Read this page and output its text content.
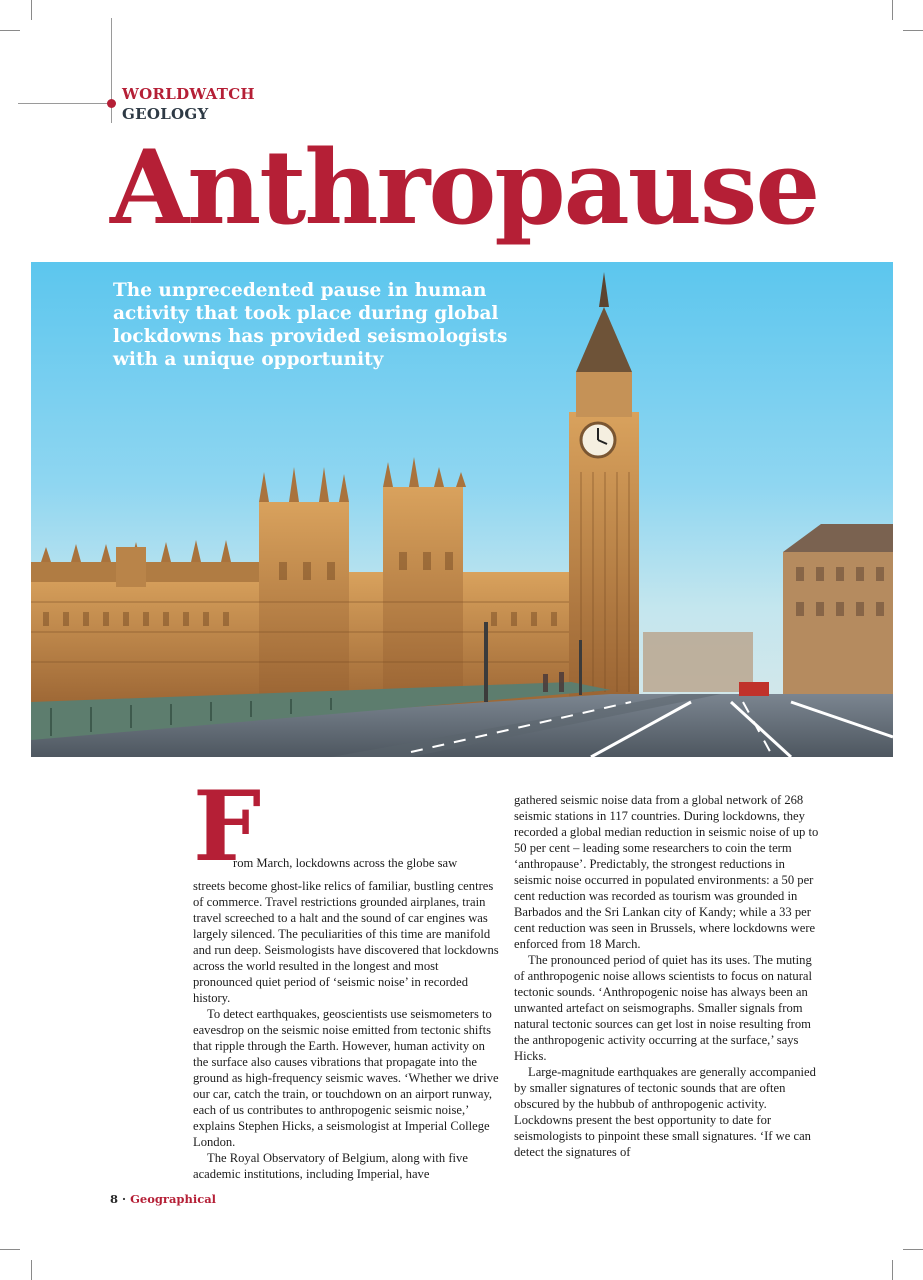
WORLDWATCH
GEOLOGY
Anthropause

The unprecedented pause in human activity that took place during global lockdowns has provided seismologists with a unique opportunity

F
rom March, lockdowns across the globe saw

streets become ghost-like relics of familiar, bustling centres of commerce. Travel restrictions grounded airplanes, train travel screeched to a halt and the sound of car engines was largely silenced. The peculiarities of this time are manifold and run deep. Seismologists have discovered that lockdowns across the world resulted in the longest and most pronounced quiet period of ‘seismic noise’ in recorded history.

To detect earthquakes, geoscientists use seismometers to eavesdrop on the seismic noise emitted from tectonic shifts that ripple through the Earth. However, human activity on the surface also causes vibrations that propagate into the ground as high-frequency seismic waves. ‘Whether we drive our car, catch the train, or touchdown on an airport runway, each of us contributes to anthropogenic seismic noise,’ explains Stephen Hicks, a seismologist at Imperial College London.

The Royal Observatory of Belgium, along with five academic institutions, including Imperial, have

gathered seismic noise data from a global network of 268 seismic stations in 117 countries. During lockdowns, they recorded a global median reduction in seismic noise of up to 50 per cent – leading some researchers to coin the term ‘anthropause’. Predictably, the strongest reductions in seismic noise occurred in populated environments: a 50 per cent reduction was recorded as tourism was grounded in Barbados and the Sri Lankan city of Kandy; while a 33 per cent reduction was seen in Brussels, where lockdowns were enforced from 18 March.

The pronounced period of quiet has its uses. The muting of anthropogenic noise allows scientists to focus on natural tectonic sounds. ‘Anthropogenic noise has always been an unwanted artefact on seismographs. Smaller signals from natural tectonic sources can get lost in noise resulting from the anthropogenic activity occurring at the surface,’ says Hicks.

Large-magnitude earthquakes are generally accompanied by smaller signatures of tectonic sounds that are often obscured by the hubbub of anthropogenic activity. Lockdowns present the best opportunity to date for seismologists to pinpoint these small signatures. ‘If we can detect the signatures of

8 · Geographical
